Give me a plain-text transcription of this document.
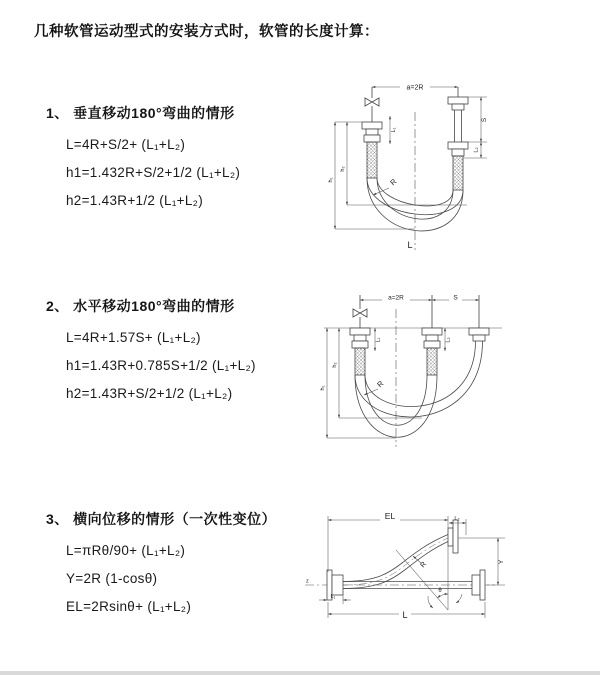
几种软管运动型式的安装方式时，软管的长度计算：
1、 垂直移动180°弯曲的情形
L=4R+S/2+ (L₁+L₂)
h1=1.432R+S/2+1/2 (L₁+L₂)
h2=1.43R+1/2 (L₁+L₂)
2、 水平移动180°弯曲的情形
L=4R+1.57S+ (L₁+L₂)
h1=1.43R+0.785S+1/2 (L₁+L₂)
h2=1.43R+S/2+1/2 (L₁+L₂)
3、 横向位移的情形（一次性变位）
L=πRθ/90+ (L₁+L₂)
Y=2R (1-cosθ)
EL=2Rsinθ+ (L₁+L₂)
a=2R
S
L₂
L₁
h₁
h₂
R
L
a=2R	S
h₁
h₂
L₁	L₂
R
z
EL	L₂
Y
R
θ
L
L₁
